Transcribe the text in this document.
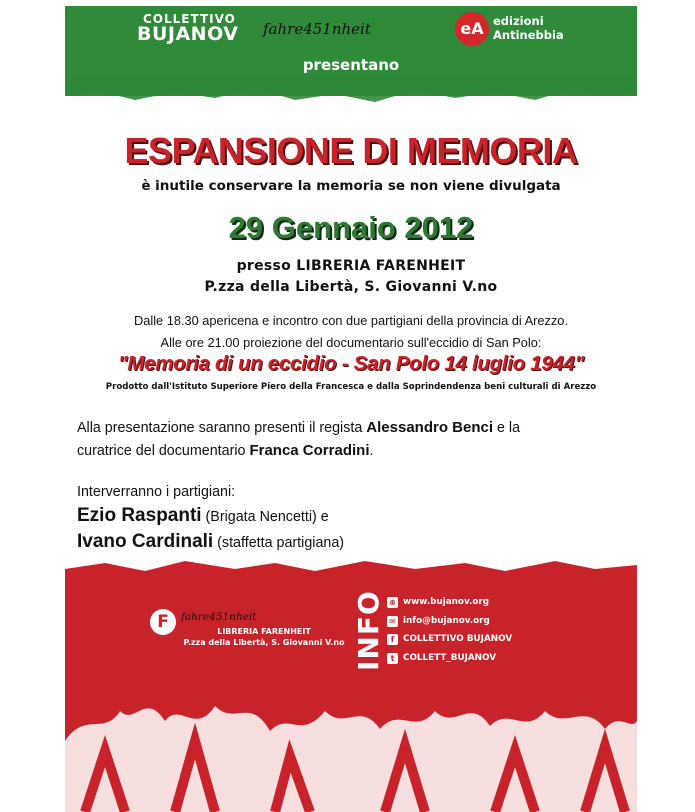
COLLETTIVO
BUJANOV fahre451nheit	eA edizioni
Antinebbia
presentano
ESPANSIONE DI MEMORIA
è inutile conservare la memoria se non viene divulgata
29 Gennaio 2012
presso LIBRERIA FARENHEIT
P.zza della Libertà, S. Giovanni V.no
Dalle 18.30 apericena e incontro con due partigiani della provincia di Arezzo.
Alle ore 21.00 proiezione del documentario sull'eccidio di San Polo:
"Memoria di un eccidio - San Polo 14 luglio 1944"
Prodotto dall'Istituto Superiore Piero della Francesca e dalla Soprindendenza beni culturali di Arezzo
Alla presentazione saranno presenti il regista Alessandro Benci e la
curatrice del documentario Franca Corradini.
Interverranno i partigiani:
Ezio Raspanti (Brigata Nencetti) e
Ivano Cardinali (staffetta partigiana)
F	fahre451nheit
LIBRERIA FARENHEIT
P.zza della Libertà, S. Giovanni V.no INFO ⊕ www.bujanov.org
✉ info@bujanov.org
f COLLETTIVO BUJANOV
t COLLETT_BUJANOV
